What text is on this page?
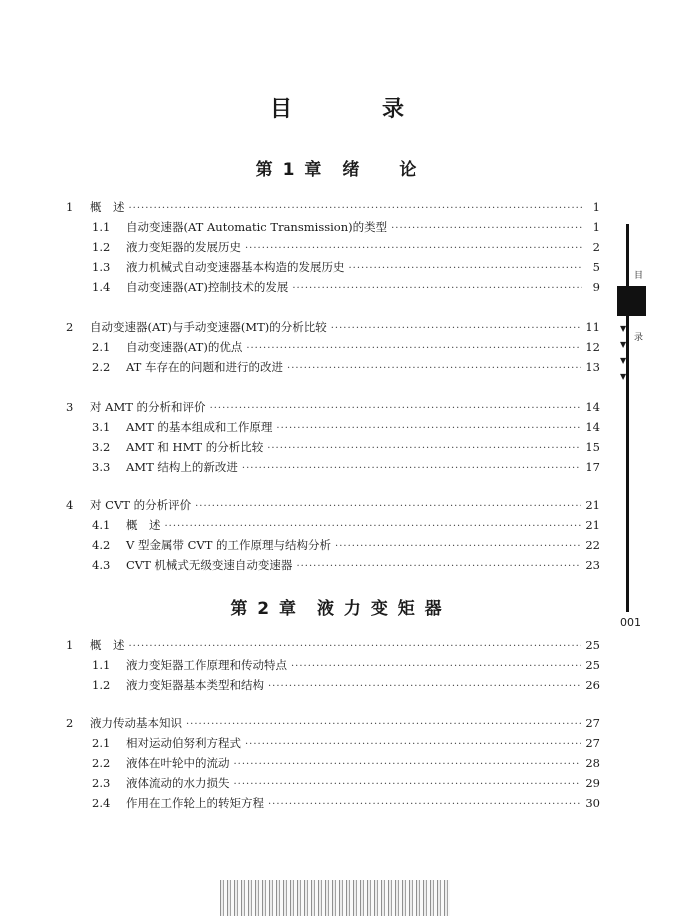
目　录
第 1 章　绪　　论
1	概　述 ·····	1
1.1	自动变速器(AT Automatic Transmission)的类型 ·····	1
1.2	液力变矩器的发展历史 ·····	2
1.3	液力机械式自动变速器基本构造的发展历史 ·····	5
1.4	自动变速器(AT)控制技术的发展 ·····	9
2	自动变速器(AT)与手动变速器(MT)的分析比较 ·····	11
2.1	自动变速器(AT)的优点 ·····	12
2.2	AT 车存在的问题和进行的改进 ·····	13
3	对 AMT 的分析和评价 ·····	14
3.1	AMT 的基本组成和工作原理 ·····	14
3.2	AMT 和 HMT 的分析比较 ·····	15
3.3	AMT 结构上的新改进 ·····	17
4	对 CVT 的分析评价 ·····	21
4.1	概　述 ·····	21
4.2	V 型金属带 CVT 的工作原理与结构分析 ·····	22
4.3	CVT 机械式无级变速自动变速器 ·····	23
第 2 章　液 力 变 矩 器
1	概　述 ·····	25
1.1	液力变矩器工作原理和传动特点 ·····	25
1.2	液力变矩器基本类型和结构 ·····	26
2	液力传动基本知识 ·····	27
2.1	相对运动伯努利方程式 ·····	27
2.2	液体在叶轮中的流动 ·····	28
2.3	液体流动的水力损失 ·····	29
2.4	作用在工作轮上的转矩方程 ·····	30
目
录
▼
▼
▼
▼
001
